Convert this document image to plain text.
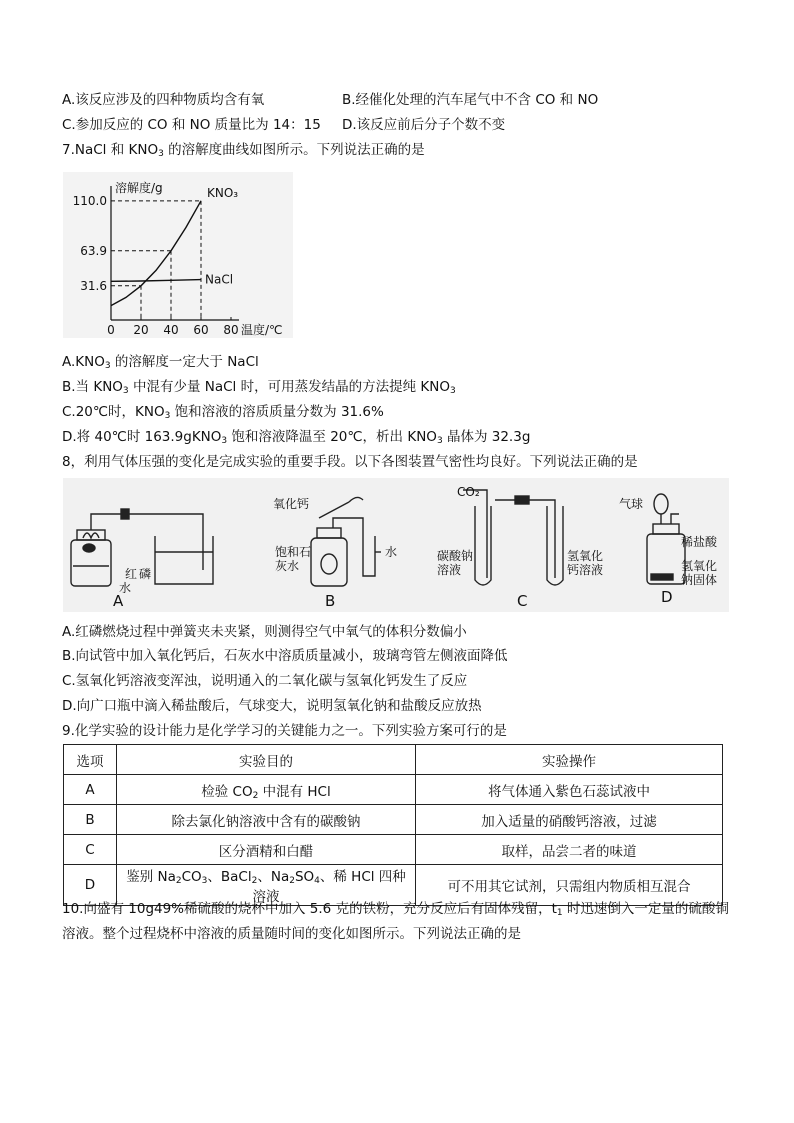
A.该反应涉及的四种物质均含有氧	B.经催化处理的汽车尾气中不含 CO 和 NO
C.参加反应的 CO 和 NO 质量比为 14：15 D.该反应前后分子个数不变
7.NaCl 和 $KNO_3$ 的溶解度曲线如图所示。下列说法正确的是
0 20 40 60 80
31.6
63.9
110.0
KNO₃
NaCl
溶解度/g
温度/℃
$A.KNO_3$ 的溶解度一定大于 NaCl
B.当 $KNO_3$ 中混有少量 NaCl 时，可用蒸发结晶的方法提纯 $KNO_3$
C.20℃时，$KNO_3$ 饱和溶液的溶质质量分数为 31.6%
D.将 40℃时 163.9gKNO$_3$ 饱和溶液降温至 20℃，析出 $KNO_3$ 晶体为 32.3g
8，利用气体压强的变化是完成实验的重要手段。以下各图装置气密性均良好。下列说法正确的是
红 磷
水
A
氧化钙
饱和石
灰水
水
B
CO₂
碳酸钠
溶液
氢氧化
钙溶液
C
气球
稀盐酸
氢氧化
钠固体
D
A.红磷燃烧过程中弹簧夹未夹紧，则测得空气中氧气的体积分数偏小
B.向试管中加入氧化钙后，石灰水中溶质质量减小，玻璃弯管左侧液面降低
C.氢氧化钙溶液变浑浊，说明通入的二氧化碳与氢氧化钙发生了反应
D.向广口瓶中滴入稀盐酸后，气球变大，说明氢氧化钠和盐酸反应放热
9.化学实验的设计能力是化学学习的关键能力之一。下列实验方案可行的是
选项	实验目的	实验操作
A	检验 $CO_2$ 中混有 HCl	将气体通入紫色石蕊试液中
B	除去氯化钠溶液中含有的碳酸钠	加入适量的硝酸钙溶液，过滤
C	区分酒精和白醋	取样，品尝二者的味道
D	鉴别 $Na_2CO_3$、BaCl$_2$、$Na_2SO_4$、稀 HCl 四种溶液	可不用其它试剂，只需组内物质相互混合
10.向盛有 10g49%稀硫酸的烧杯中加入 5.6 克的铁粉，充分反应后有固体残留，$t_1$ 时迅速倒入一定量的硫酸铜
溶液。整个过程烧杯中溶液的质量随时间的变化如图所示。下列说法正确的是
